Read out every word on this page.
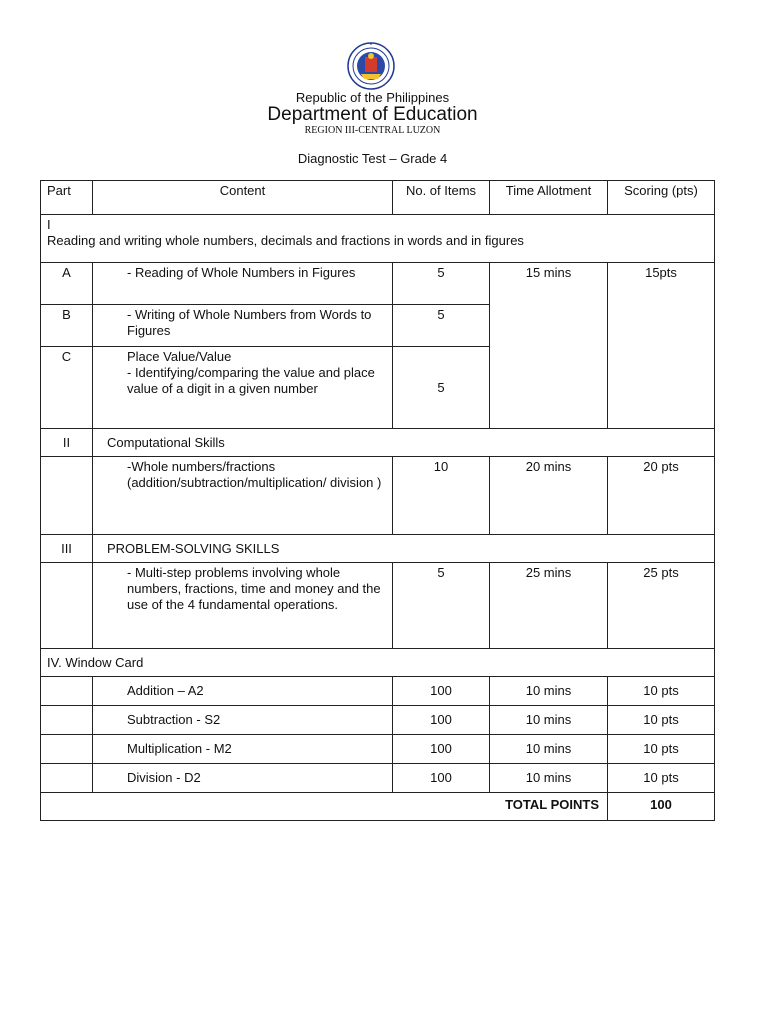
Republic of the Philippines
Department of Education
REGION III-CENTRAL LUZON
Diagnostic Test – Grade 4
Part	Content	No. of Items	Time Allotment	Scoring (pts)

I
Reading and writing whole numbers, decimals and fractions in words and in figures				

A	- Reading of Whole Numbers in Figures	5	15 mins	15pts
B	- Writing of Whole Numbers from Words to Figures	5		
C	Place Value/Value
- Identifying/comparing the value and place value of a digit in a given number	5		
II	Computational Skills			
	-Whole numbers/fractions (addition/subtraction/multiplication/ division )	10	20 mins	20 pts
III	PROBLEM-SOLVING SKILLS			
	- Multi-step problems involving whole numbers, fractions, time and money and the use of the 4 fundamental operations.	5	25 mins	25 pts
IV. Window Card				
	Addition – A2	100	10 mins	10 pts
	Subtraction - S2	100	10 mins	10 pts
	Multiplication - M2	100	10 mins	10 pts
	Division - D2	100	10 mins	10 pts
TOTAL POINTS				100
